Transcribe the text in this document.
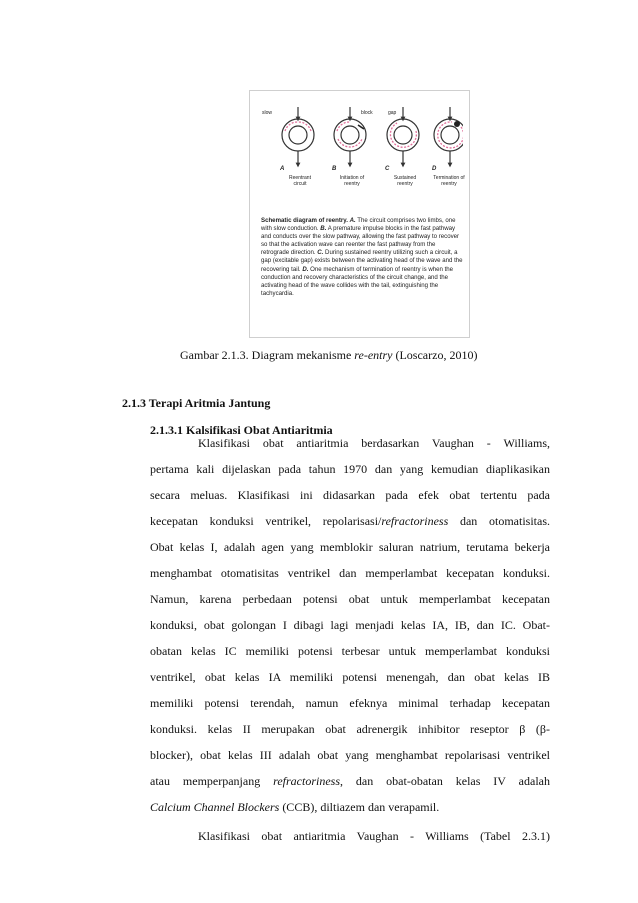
slow	block	gap
A	B	C	D
Reentrant
circuit
Initiation of
reentry
Sustained
reentry
Termination of
reentry
Schematic diagram of reentry. A. The circuit comprises two limbs, one with slow conduction. B. A premature impulse blocks in the fast pathway and conducts over the slow pathway, allowing the fast pathway to recover so that the activation wave can reenter the fast pathway from the retrograde direction. C. During sustained reentry utilizing such a circuit, a gap (excitable gap) exists between the activating head of the wave and the recovering tail. D. One mechanism of termination of reentry is when the conduction and recovery characteristics of the circuit change, and the activating head of the wave collides with the tail, extinguishing the tachycardia.
Gambar 2.1.3. Diagram mekanisme re-entry (Loscarzo, 2010)
2.1.3 Terapi Aritmia Jantung
2.1.3.1 Kalsifikasi Obat Antiaritmia
Klasifikasi obat antiaritmia berdasarkan Vaughan - Williams,
pertama kali dijelaskan pada tahun 1970 dan yang kemudian diaplikasikan
secara meluas. Klasifikasi ini didasarkan pada efek obat tertentu pada
kecepatan konduksi ventrikel, repolarisasi/refractoriness dan otomatisitas.
Obat kelas I, adalah agen yang memblokir saluran natrium, terutama bekerja
menghambat otomatisitas ventrikel dan memperlambat kecepatan konduksi.
Namun, karena perbedaan potensi obat untuk memperlambat kecepatan
konduksi, obat golongan I dibagi lagi menjadi kelas IA, IB, dan IC. Obat-
obatan kelas IC memiliki potensi terbesar untuk memperlambat konduksi
ventrikel, obat kelas IA memiliki potensi menengah, dan obat kelas IB
memiliki potensi terendah, namun efeknya minimal terhadap kecepatan
konduksi. kelas II merupakan obat adrenergik inhibitor reseptor β (β-
blocker), obat kelas III adalah obat yang menghambat repolarisasi ventrikel
atau memperpanjang refractoriness, dan obat-obatan kelas IV adalah
Calcium Channel Blockers (CCB), diltiazem dan verapamil.
Klasifikasi obat antiaritmia Vaughan - Williams (Tabel 2.3.1)
